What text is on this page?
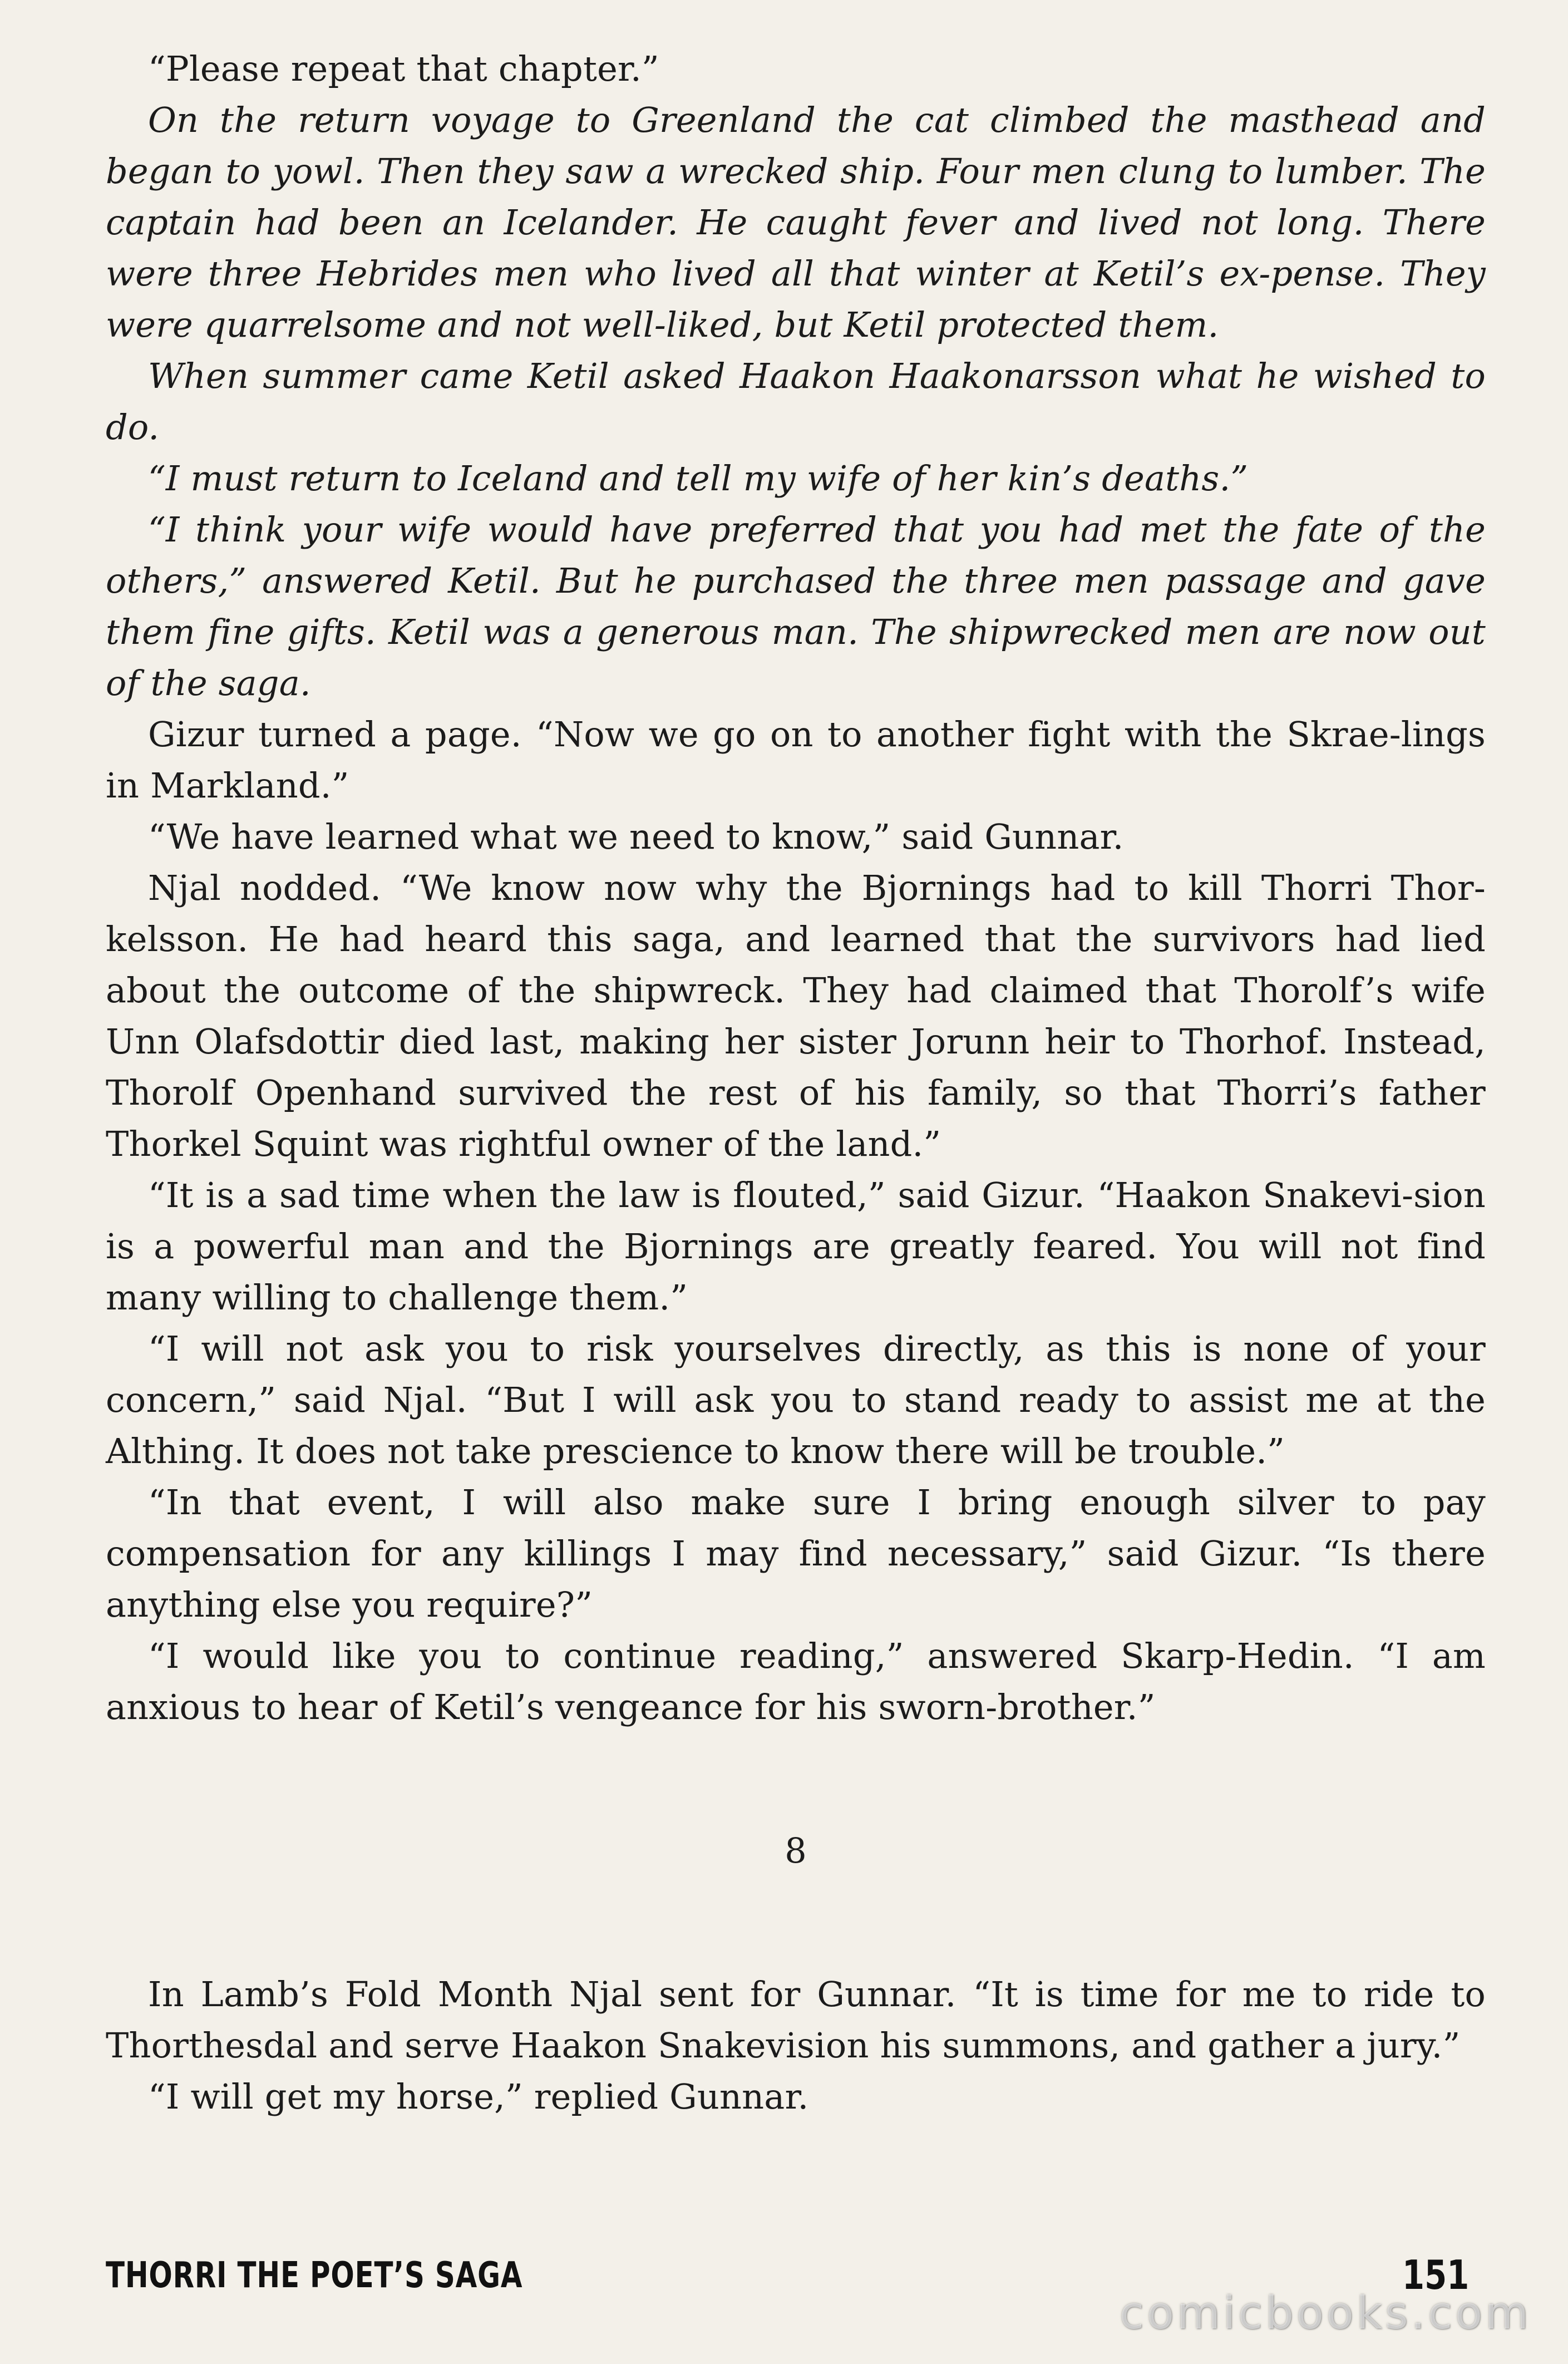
“Please repeat that chapter.”

On the return voyage to Greenland the cat climbed the masthead and began to yowl. Then they saw a wrecked ship. Four men clung to lumber. The captain had been an Icelander. He caught fever and lived not long. There were three Hebrides men who lived all that winter at Ketil’s ex-pense. They were quarrelsome and not well-liked, but Ketil protected them.

When summer came Ketil asked Haakon Haakonarsson what he wished to do.

“I must return to Iceland and tell my wife of her kin’s deaths.”

“I think your wife would have preferred that you had met the fate of the others,” answered Ketil. But he purchased the three men passage and gave them fine gifts. Ketil was a generous man. The shipwrecked men are now out of the saga.

Gizur turned a page. “Now we go on to another fight with the Skrae-lings in Markland.”

“We have learned what we need to know,” said Gunnar.

Njal nodded. “We know now why the Bjornings had to kill Thorri Thor-kelsson. He had heard this saga, and learned that the survivors had lied about the outcome of the shipwreck. They had claimed that Thorolf’s wife Unn Olafsdottir died last, making her sister Jorunn heir to Thorhof. Instead, Thorolf Openhand survived the rest of his family, so that Thorri’s father Thorkel Squint was rightful owner of the land.”

“It is a sad time when the law is flouted,” said Gizur. “Haakon Snakevi-sion is a powerful man and the Bjornings are greatly feared. You will not find many willing to challenge them.”

“I will not ask you to risk yourselves directly, as this is none of your concern,” said Njal. “But I will ask you to stand ready to assist me at the Althing. It does not take prescience to know there will be trouble.”

“In that event, I will also make sure I bring enough silver to pay compensation for any killings I may find necessary,” said Gizur. “Is there anything else you require?”

“I would like you to continue reading,” answered Skarp-Hedin. “I am anxious to hear of Ketil’s vengeance for his sworn-brother.”

8

In Lamb’s Fold Month Njal sent for Gunnar. “It is time for me to ride to Thorthesdal and serve Haakon Snakevision his summons, and gather a jury.”

“I will get my horse,” replied Gunnar.

THORRI THE POET’S SAGA	151
comicbooks.com
